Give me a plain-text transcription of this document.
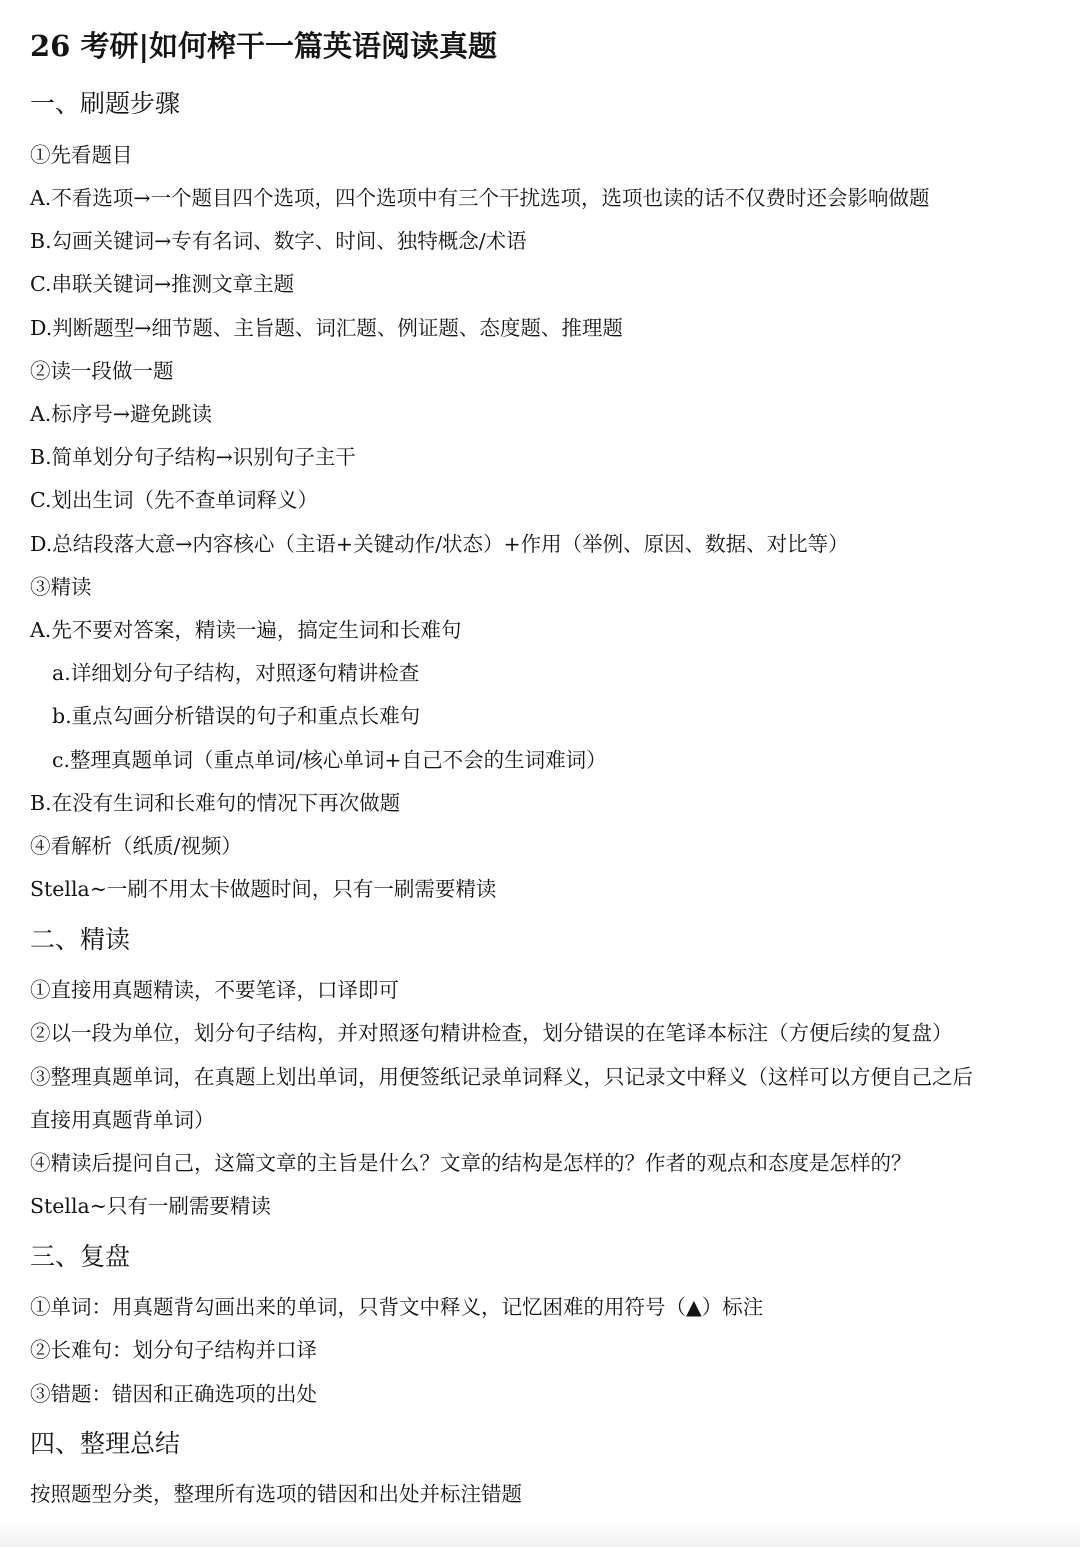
26 考研|如何榨干一篇英语阅读真题
一、刷题步骤

①先看题目

A.不看选项→一个题目四个选项，四个选项中有三个干扰选项，选项也读的话不仅费时还会影响做题

B.勾画关键词→专有名词、数字、时间、独特概念/术语

C.串联关键词→推测文章主题

D.判断题型→细节题、主旨题、词汇题、例证题、态度题、推理题

②读一段做一题

A.标序号→避免跳读

B.简单划分句子结构→识别句子主干

C.划出生词（先不查单词释义）

D.总结段落大意→内容核心（主语+关键动作/状态）+作用（举例、原因、数据、对比等）

③精读

A.先不要对答案，精读一遍，搞定生词和长难句

a.详细划分句子结构，对照逐句精讲检查

b.重点勾画分析错误的句子和重点长难句

c.整理真题单词（重点单词/核心单词+自己不会的生词难词）

B.在没有生词和长难句的情况下再次做题

④看解析（纸质/视频）

Stella~一刷不用太卡做题时间，只有一刷需要精读

二、精读

①直接用真题精读，不要笔译，口译即可

②以一段为单位，划分句子结构，并对照逐句精讲检查，划分错误的在笔译本标注（方便后续的复盘）

③整理真题单词，在真题上划出单词，用便签纸记录单词释义，只记录文中释义（这样可以方便自己之后

直接用真题背单词）

④精读后提问自己，这篇文章的主旨是什么？文章的结构是怎样的？作者的观点和态度是怎样的？

Stella~只有一刷需要精读

三、复盘

①单词：用真题背勾画出来的单词，只背文中释义，记忆困难的用符号（▲）标注

②长难句：划分句子结构并口译

③错题：错因和正确选项的出处

四、整理总结

按照题型分类，整理所有选项的错因和出处并标注错题
